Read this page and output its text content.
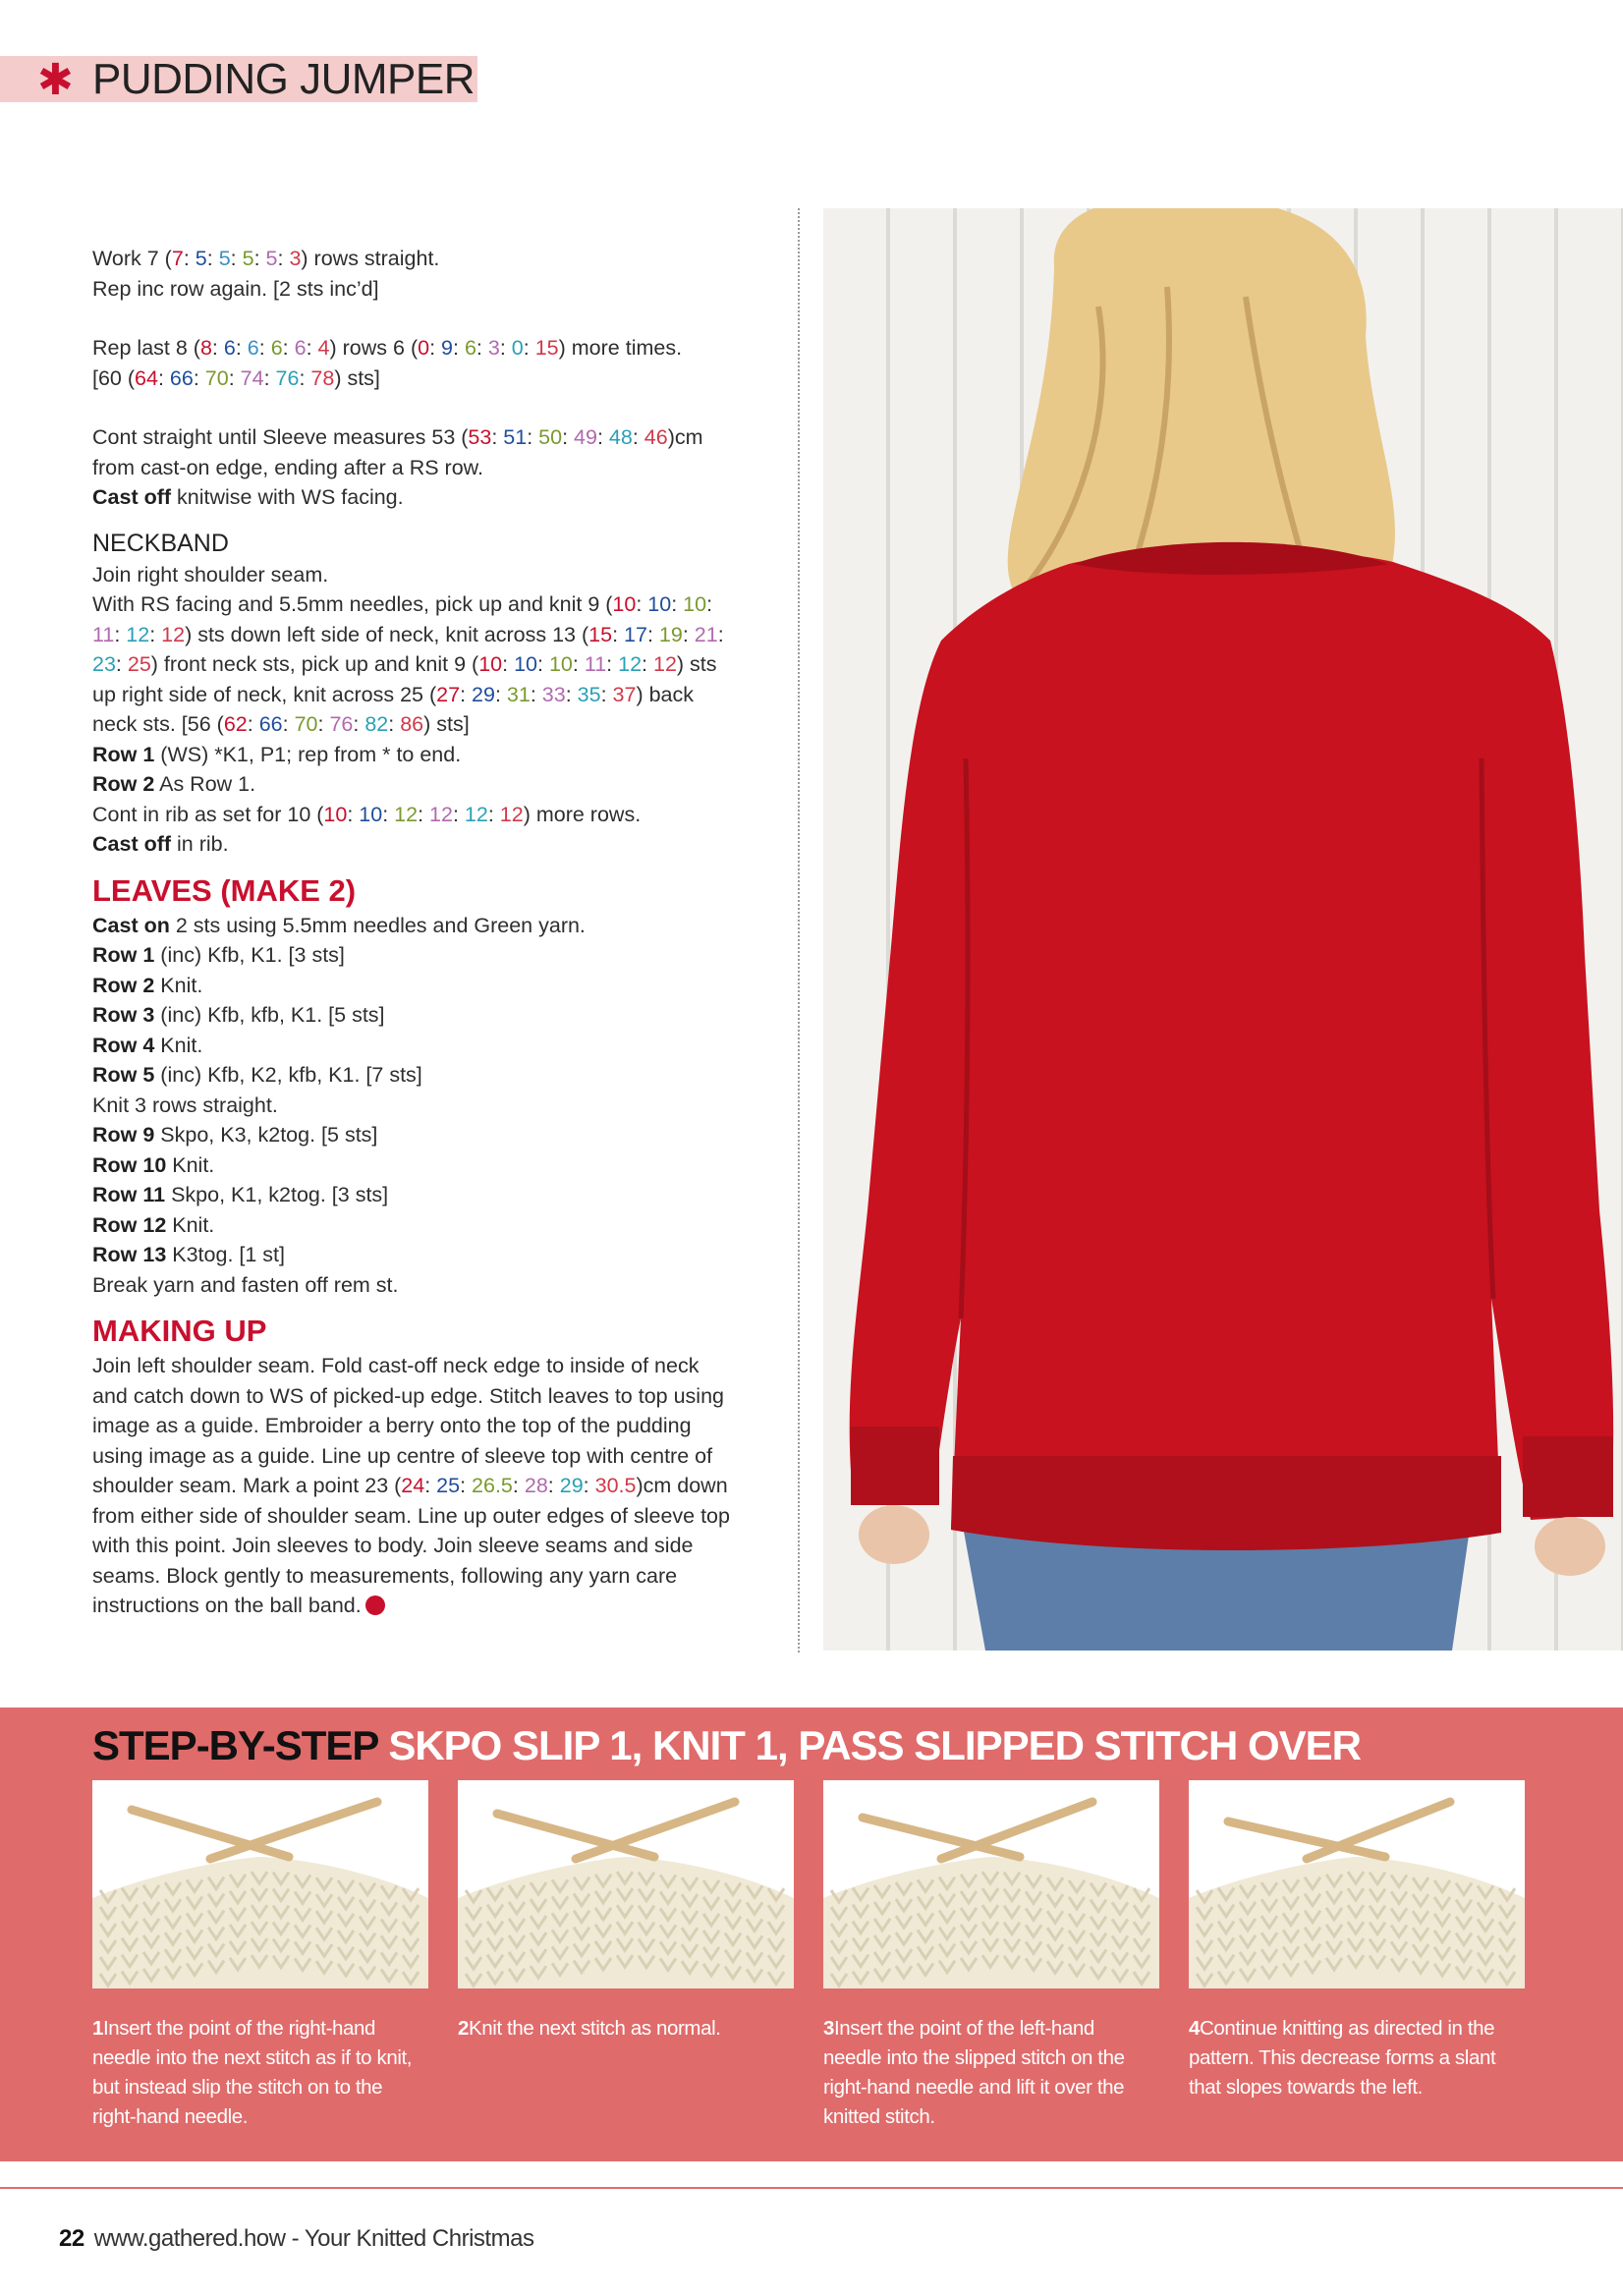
✱ PUDDING JUMPER

Work 7 (7: 5: 5: 5: 5: 3) rows straight.

Rep inc row again. [2 sts inc’d]

Rep last 8 (8: 6: 6: 6: 6: 4) rows 6 (0: 9: 6: 3: 0: 15) more times.

[60 (64: 66: 70: 74: 76: 78) sts]

Cont straight until Sleeve measures 53 (53: 51: 50: 49: 48: 46)cm

from cast-on edge, ending after a RS row.

Cast off knitwise with WS facing.

NECKBAND

Join right shoulder seam.

With RS facing and 5.5mm needles, pick up and knit 9 (10: 10: 10:

11: 12: 12) sts down left side of neck, knit across 13 (15: 17: 19: 21:

23: 25) front neck sts, pick up and knit 9 (10: 10: 10: 11: 12: 12) sts

up right side of neck, knit across 25 (27: 29: 31: 33: 35: 37) back

neck sts. [56 (62: 66: 70: 76: 82: 86) sts]

Row 1 (WS) *K1, P1; rep from * to end.

Row 2 As Row 1.

Cont in rib as set for 10 (10: 10: 12: 12: 12: 12) more rows.

Cast off in rib.

LEAVES (MAKE 2)

Cast on 2 sts using 5.5mm needles and Green yarn.

Row 1 (inc) Kfb, K1. [3 sts]

Row 2 Knit.

Row 3 (inc) Kfb, kfb, K1. [5 sts]

Row 4 Knit.

Row 5 (inc) Kfb, K2, kfb, K1. [7 sts]

Knit 3 rows straight.

Row 9 Skpo, K3, k2tog. [5 sts]

Row 10 Knit.

Row 11 Skpo, K1, k2tog. [3 sts]

Row 12 Knit.

Row 13 K3tog. [1 st]

Break yarn and fasten off rem st.

MAKING UP

Join left shoulder seam. Fold cast-off neck edge to inside of neck

and catch down to WS of picked-up edge. Stitch leaves to top using

image as a guide. Embroider a berry onto the top of the pudding

using image as a guide. Line up centre of sleeve top with centre of

shoulder seam. Mark a point 23 (24: 25: 26.5: 28: 29: 30.5)cm down

from either side of shoulder seam. Line up outer edges of sleeve top

with this point. Join sleeves to body. Join sleeve seams and side

seams. Block gently to measurements, following any yarn care

instructions on the ball band.

STEP-BY-STEP SKPO SLIP 1, KNIT 1, PASS SLIPPED STITCH OVER
1Insert the point of the right-hand needle into the next stitch as if to knit, but instead slip the stitch on to the right-hand needle.
2Knit the next stitch as normal.	3Insert the point of the left-hand needle into the slipped stitch on the right-hand needle and lift it over the knitted stitch.
4Continue knitting as directed in the pattern. This decrease forms a slant that slopes towards the left.
22 www.gathered.how - Your Knitted Christmas
